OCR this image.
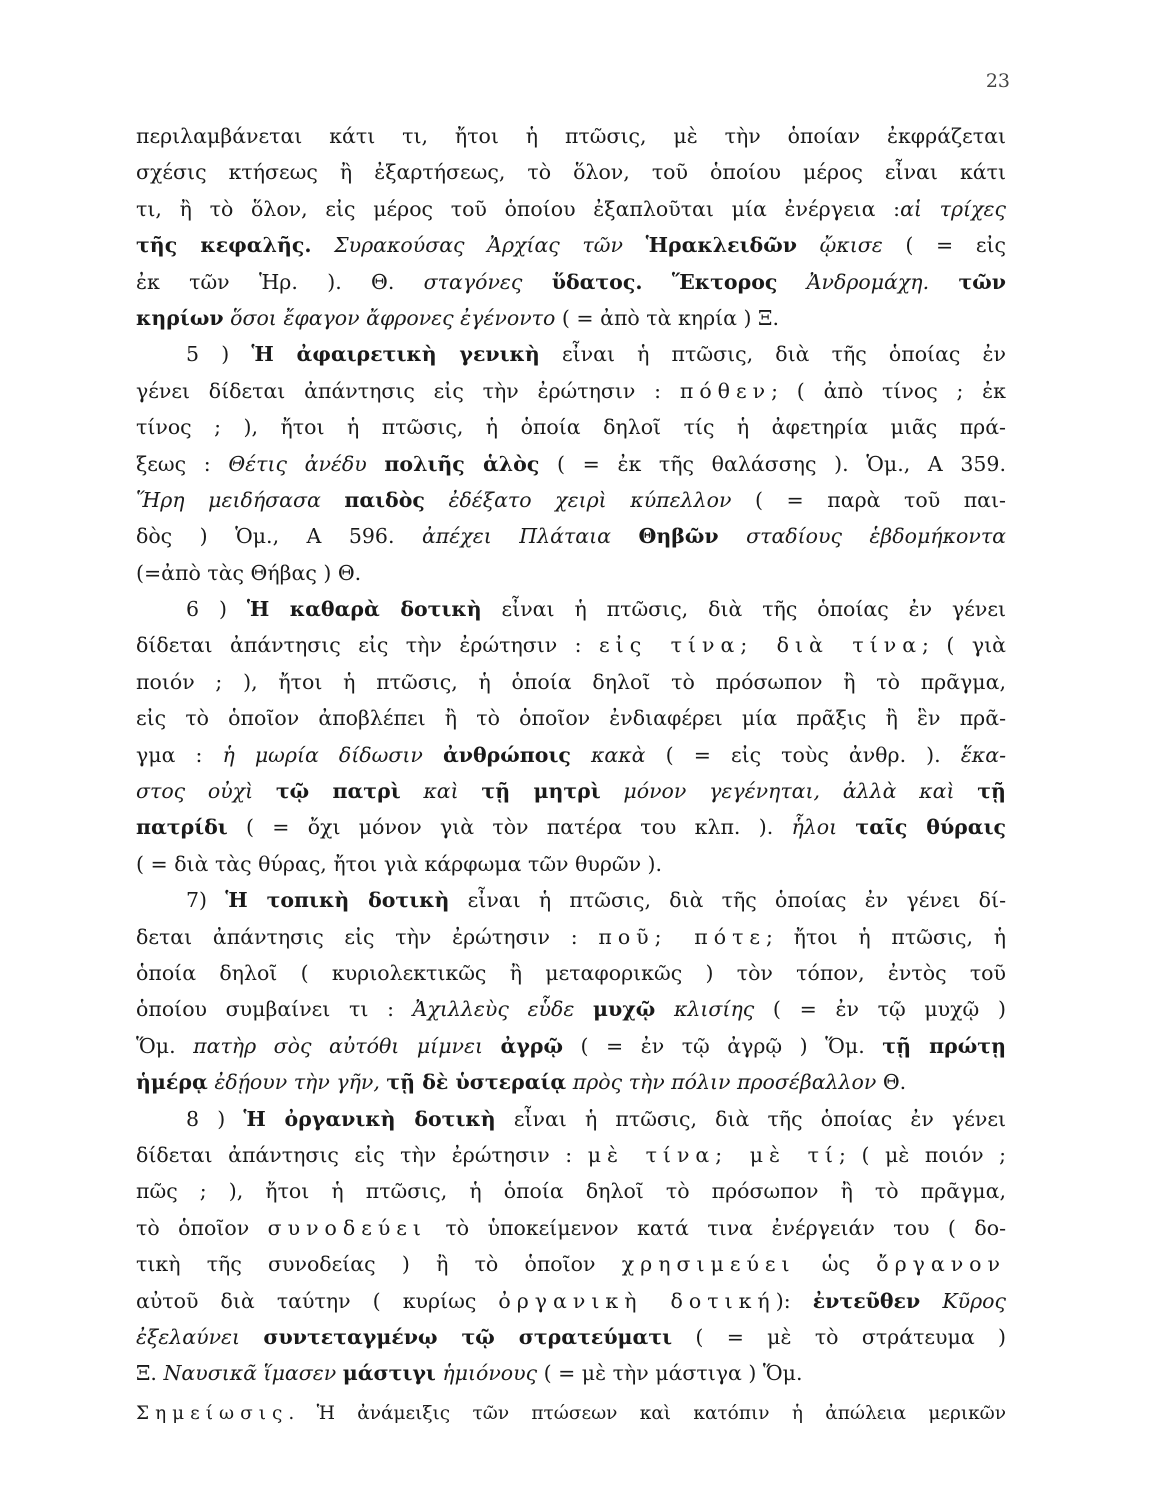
23
περιλαμβάνεται κάτι τι, ἤτοι ἡ πτῶσις, μὲ τὴν ὁποίαν ἐκφράζεται
σχέσις κτήσεως ἢ ἐξαρτήσεως, τὸ ὅλον, τοῦ ὁποίου μέρος εἶναι κάτι
τι, ἢ τὸ ὅλον, εἰς μέρος τοῦ ὁποίου ἐξαπλοῦται μία ἐνέργεια :αἱ τρίχες
τῆς κεφαλῆς. Συρακούσας Ἀρχίας τῶν Ἡρακλειδῶν ᾤκισε ( = εἰς
ἐκ τῶν Ἡρ. ). Θ. σταγόνες ὕδατος. Ἕκτορος Ἀνδρομάχη. τῶν
κηρίων ὅσοι ἔφαγον ἄφρονες ἐγένοντο ( = ἀπὸ τὰ κηρία ) Ξ.
5 ) Ἡ ἀφαιρετικὴ γενικὴ εἶναι ἡ πτῶσις, διὰ τῆς ὁποίας ἐν
γένει δίδεται ἀπάντησις εἰς τὴν ἐρώτησιν : πόθεν; ( ἀπὸ τίνος ; ἐκ
τίνος ; ), ἤτοι ἡ πτῶσις, ἡ ὁποία δηλοῖ τίς ἡ ἀφετηρία μιᾶς πρά-
ξεως : Θέτις ἀνέδυ πολιῆς ἁλὸς ( = ἐκ τῆς θαλάσσης ). Ὁμ., Α 359.
Ἥρη μειδήσασα παιδὸς ἐδέξατο χειρὶ κύπελλον ( = παρὰ τοῦ παι-
δὸς ) Ὁμ., Α 596. ἀπέχει Πλάταια Θηβῶν σταδίους ἑβδομήκοντα
(=ἀπὸ τὰς Θήβας ) Θ.
6 ) Ἡ καθαρὰ δοτικὴ εἶναι ἡ πτῶσις, διὰ τῆς ὁποίας ἐν γένει
δίδεται ἀπάντησις εἰς τὴν ἐρώτησιν : εἰς τίνα; διὰ τίνα; ( γιὰ
ποιόν ; ), ἤτοι ἡ πτῶσις, ἡ ὁποία δηλοῖ τὸ πρόσωπον ἢ τὸ πρᾶγμα,
εἰς τὸ ὁποῖον ἀποβλέπει ἢ τὸ ὁποῖον ἐνδιαφέρει μία πρᾶξις ἢ ἓν πρᾶ-
γμα : ἡ μωρία δίδωσιν ἀνθρώποις κακὰ ( = εἰς τοὺς ἀνθρ. ). ἕκα-
στος οὐχὶ τῷ πατρὶ καὶ τῇ μητρὶ μόνον γεγένηται, ἀλλὰ καὶ τῇ
πατρίδι ( = ὄχι μόνον γιὰ τὸν πατέρα του κλπ. ). ἧλοι ταῖς θύραις
( = διὰ τὰς θύρας, ἤτοι γιὰ κάρφωμα τῶν θυρῶν ).
7) Ἡ τοπικὴ δοτικὴ εἶναι ἡ πτῶσις, διὰ τῆς ὁποίας ἐν γένει δί-
δεται ἀπάντησις εἰς τὴν ἐρώτησιν : ποῦ; πότε; ἤτοι ἡ πτῶσις, ἡ
ὁποία δηλοῖ ( κυριολεκτικῶς ἢ μεταφορικῶς ) τὸν τόπον, ἐντὸς τοῦ
ὁποίου συμβαίνει τι : Ἀχιλλεὺς εὗδε μυχῷ κλισίης ( = ἐν τῷ μυχῷ )
Ὅμ. πατὴρ σὸς αὐτόθι μίμνει ἀγρῷ ( = ἐν τῷ ἀγρῷ ) Ὅμ. τῇ πρώτῃ
ἡμέρᾳ ἐδῄουν τὴν γῆν, τῇ δὲ ὑστεραίᾳ πρὸς τὴν πόλιν προσέβαλλον Θ.
8 ) Ἡ ὀργανικὴ δοτικὴ εἶναι ἡ πτῶσις, διὰ τῆς ὁποίας ἐν γένει
δίδεται ἀπάντησις εἰς τὴν ἐρώτησιν : μὲ τίνα; μὲ τί; ( μὲ ποιόν ;
πῶς ; ), ἤτοι ἡ πτῶσις, ἡ ὁποία δηλοῖ τὸ πρόσωπον ἢ τὸ πρᾶγμα,
τὸ ὁποῖον συνοδεύει τὸ ὑποκείμενον κατά τινα ἐνέργειάν του ( δο-
τικὴ τῆς συνοδείας ) ἢ τὸ ὁποῖον χρησιμεύει ὡς ὄργανον
αὐτοῦ διὰ ταύτην ( κυρίως ὀργανικὴ δοτική): ἐντεῦθεν Κῦρος
ἐξελαύνει συντεταγμένῳ τῷ στρατεύματι ( = μὲ τὸ στράτευμα )
Ξ. Ναυσικᾶ ἵμασεν μάστιγι ἡμιόνους ( = μὲ τὴν μάστιγα ) Ὅμ.
Σημείωσις. Ἡ ἀνάμειξις τῶν πτώσεων καὶ κατόπιν ἡ ἀπώλεια μερικῶν
